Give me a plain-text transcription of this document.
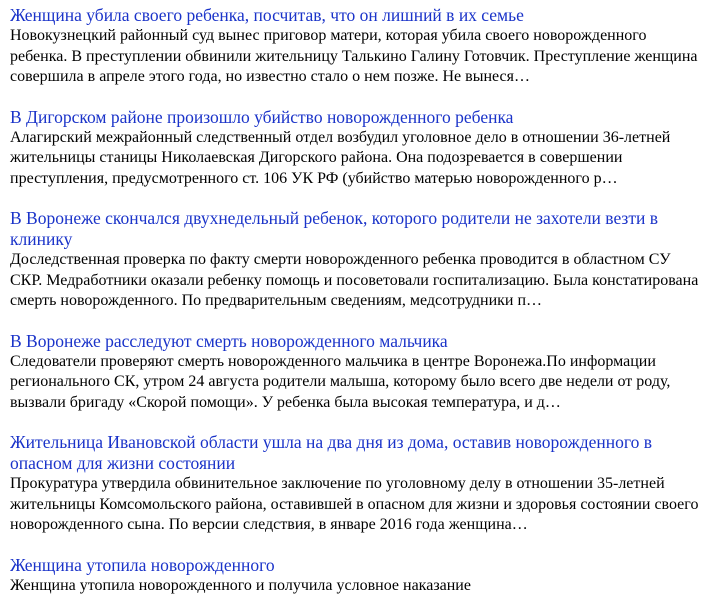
Женщина убила своего ребенка, посчитав, что он лишний в их семье

Новокузнецкий районный суд вынес приговор матери, которая убила своего новорожденного ребенка. В преступлении обвинили жительницу Талькино Галину Готовчик. Преступление женщина совершила в апреле этого года, но известно стало о нем позже. Не вынеся…

В Дигорском районе произошло убийство новорожденного ребенка

Алагирский межрайонный следственный отдел возбудил уголовное дело в отношении 36-летней жительницы станицы Николаевская Дигорского района. Она подозревается в совершении преступления, предусмотренного ст. 106 УК РФ (убийство матерью новорожденного р…

В Воронеже скончался двухнедельный ребенок, которого родители не захотели везти в клинику

Доследственная проверка по факту смерти новорожденного ребенка проводится в областном СУ СКР. Медработники оказали ребенку помощь и посоветовали госпитализацию. Была констатирована смерть новорожденного. По предварительным сведениям, медсотрудники п…

В Воронеже расследуют смерть новорожденного мальчика

Следователи проверяют смерть новорожденного мальчика в центре Воронежа.По информации регионального СК, утром 24 августа родители малыша, которому было всего две недели от роду, вызвали бригаду «Скорой помощи». У ребенка была высокая температура, и д…

Жительница Ивановской области ушла на два дня из дома, оставив новорожденного в опасном для жизни состоянии

Прокуратура утвердила обвинительное заключение по уголовному делу в отношении 35-летней жительницы Комсомольского района, оставившей в опасном для жизни и здоровья состоянии своего новорожденного сына. По версии следствия, в январе 2016 года женщина…

Женщина утопила новорожденного

Женщина утопила новорожденного и получила условное наказание
